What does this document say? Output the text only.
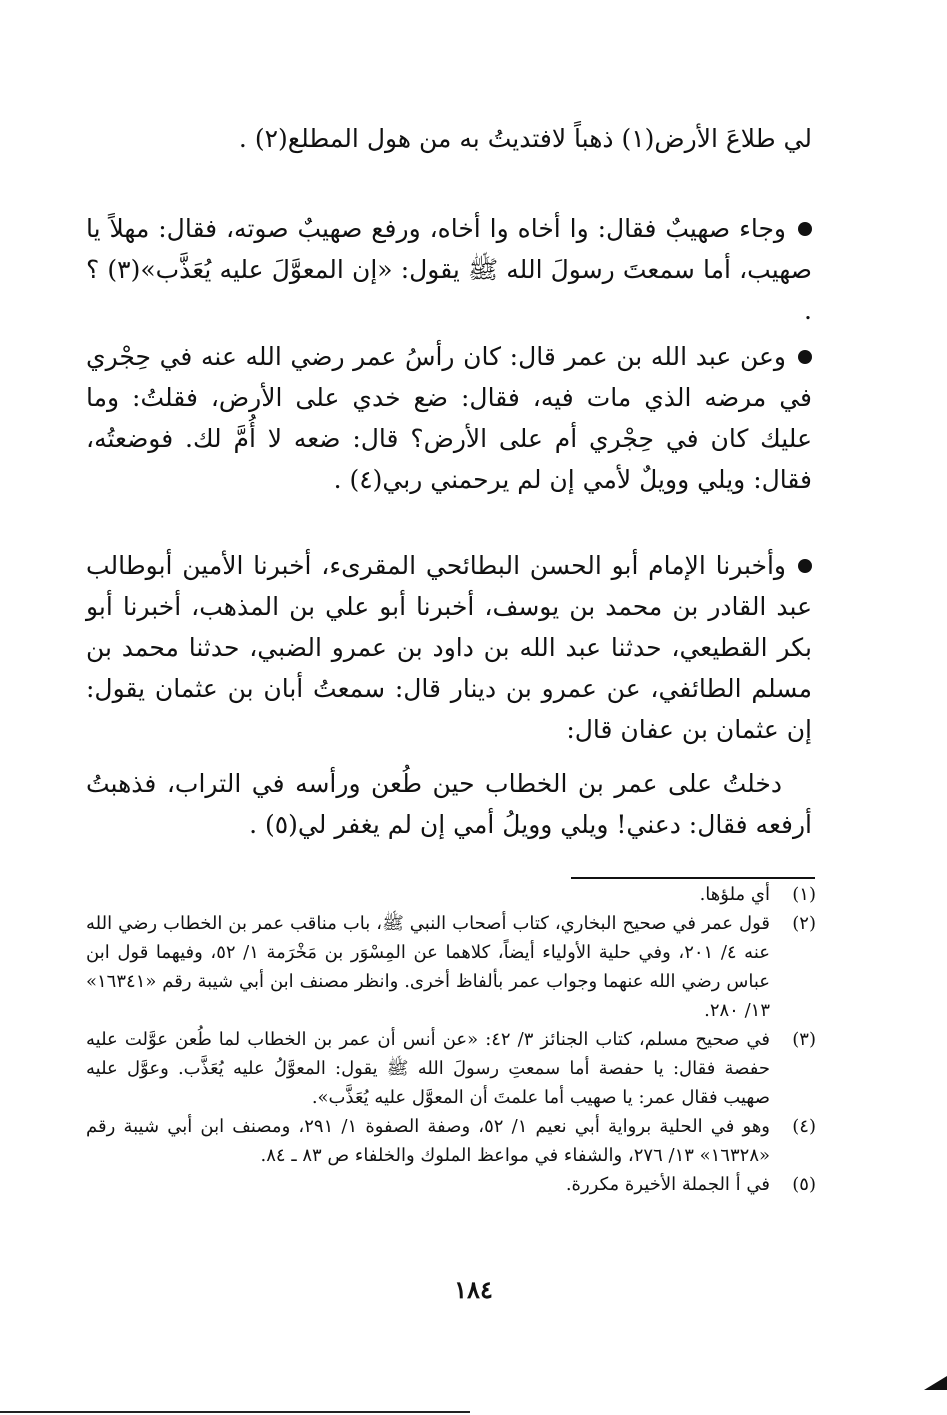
لي طلاعَ الأرض(١) ذهباً لافتديتُ به من هول المطلع(٢) .
وجاء صهيبٌ فقال: وا أخاه وا أخاه، ورفع صهيبٌ صوته، فقال: مهلاً يا صهيب، أما سمعتَ رسولَ الله ﷺ يقول: «إن المعوَّلَ عليه يُعَذَّب»(٣) ؟ .
وعن عبد الله بن عمر قال: كان رأسُ عمر رضي الله عنه في حِجْري في مرضه الذي مات فيه، فقال: ضع خدي على الأرض، فقلتُ: وما عليك كان في حِجْري أم على الأرض؟ قال: ضعه لا أُمَّ لك. فوضعتُه، فقال: ويلي وويلٌ لأمي إن لم يرحمني ربي(٤) .
وأخبرنا الإمام أبو الحسن البطائحي المقرىء، أخبرنا الأمين أبوطالب عبد القادر بن محمد بن يوسف، أخبرنا أبو علي بن المذهب، أخبرنا أبو بكر القطيعي، حدثنا عبد الله بن داود بن عمرو الضبي، حدثنا محمد بن مسلم الطائفي، عن عمرو بن دينار قال: سمعتُ أبان بن عثمان يقول: إن عثمان بن عفان قال:
دخلتُ على عمر بن الخطاب حين طُعن ورأسه في التراب، فذهبتُ أرفعه فقال: دعني! ويلي وويلُ أمي إن لم يغفر لي(٥) .
(١)
أي ملؤها.
(٢)
قول عمر في صحيح البخاري، كتاب أصحاب النبي ﷺ، باب مناقب عمر بن الخطاب رضي الله عنه ٤/ ٢٠١، وفي حلية الأولياء أيضاً، كلاهما عن المِسْوَر بن مَخْرَمة ١/ ٥٢، وفيهما قول ابن عباس رضي الله عنهما وجواب عمر بألفاظ أخرى. وانظر مصنف ابن أبي شيبة رقم «١٦٣٤١» ١٣/ ٢٨٠.
(٣)
في صحيح مسلم، كتاب الجنائز ٣/ ٤٢: «عن أنس أن عمر بن الخطاب لما طُعن عوَّلت عليه حفصة فقال: يا حفصة أما سمعتِ رسولَ الله ﷺ يقول: المعوَّلُ عليه يُعَذَّب. وعوَّل عليه صهيب فقال عمر: يا صهيب أما علمتَ أن المعوَّل عليه يُعَذَّب».
(٤)
وهو في الحلية برواية أبي نعيم ١/ ٥٢، وصفة الصفوة ١/ ٢٩١، ومصنف ابن أبي شيبة رقم «١٦٣٢٨» ١٣/ ٢٧٦، والشفاء في مواعظ الملوك والخلفاء ص ٨٣ ـ ٨٤.
(٥)
في أ الجملة الأخيرة مكررة.
١٨٤
